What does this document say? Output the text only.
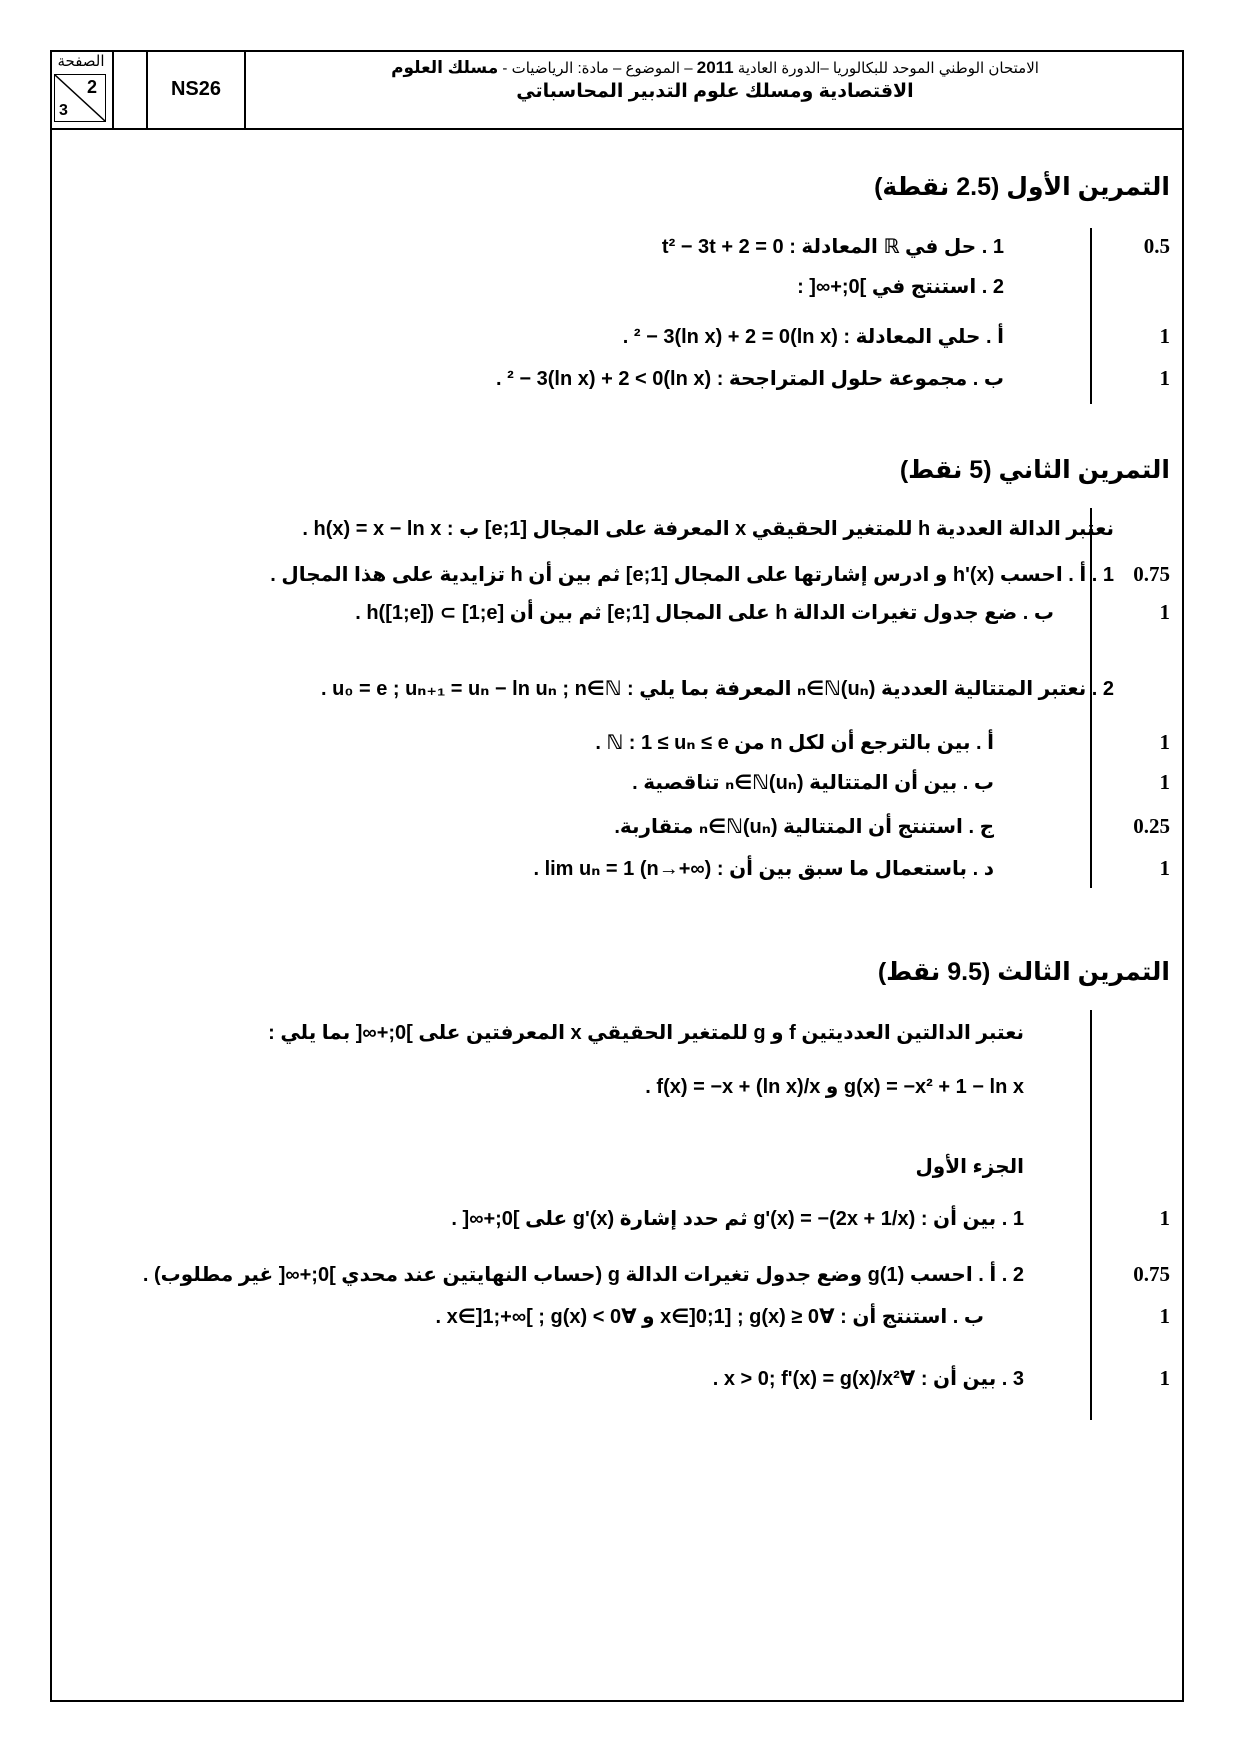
الصفحة
2
3
NS26
الامتحان الوطني الموحد للبكالوريا –الدورة العادية 2011 – الموضوع – مادة: الرياضيات - مسلك العلوم
الاقتصادية ومسلك علوم التدبير المحاسباتي
التمرين الأول (2.5 نقطة)
0.5
1 . حل في ℝ المعادلة : t² − 3t + 2 = 0
2 . استنتج في ]0;+∞[ :
1
أ . حلي المعادلة : (ln x)² − 3(ln x) + 2 = 0 .
1
ب . مجموعة حلول المتراجحة : (ln x)² − 3(ln x) + 2 < 0 .
التمرين الثاني (5 نقط)
نعتبر الدالة العددية h للمتغير الحقيقي x المعرفة على المجال [1;e] ب : h(x) = x − ln x .
0.75
1 . أ . احسب h'(x) و ادرس إشارتها على المجال [1;e] ثم بين أن h تزايدية على هذا المجال .
1
ب . ضع جدول تغيرات الدالة h على المجال [1;e] ثم بين أن h([1;e]) ⊂ [1;e] .
2 . نعتبر المتتالية العددية (uₙ)ₙ∈ℕ المعرفة بما يلي : u₀ = e ; uₙ₊₁ = uₙ − ln uₙ ; n∈ℕ .
1
أ . بين بالترجع أن لكل n من ℕ : 1 ≤ uₙ ≤ e .
1
ب . بين أن المتتالية (uₙ)ₙ∈ℕ تناقصية .
0.25
ج . استنتج أن المتتالية (uₙ)ₙ∈ℕ متقاربة.
1
د . باستعمال ما سبق بين أن : lim uₙ = 1 (n→+∞) .
التمرين الثالث (9.5 نقط)
نعتبر الدالتين العدديتين f و g للمتغير الحقيقي x المعرفتين على ]0;+∞[ بما يلي :
g(x) = −x² + 1 − ln x و f(x) = −x + (ln x)/x .
الجزء الأول
1
1 . بين أن : g'(x) = −(2x + 1/x) ثم حدد إشارة g'(x) على ]0;+∞[ .
0.75
2 . أ . احسب g(1) وضع جدول تغيرات الدالة g (حساب النهايتين عند محدي ]0;+∞[ غير مطلوب) .
1
ب . استنتج أن : ∀x∈]0;1] ; g(x) ≥ 0 و ∀x∈]1;+∞[ ; g(x) < 0 .
1
3 . بين أن : ∀x > 0; f'(x) = g(x)/x² .
